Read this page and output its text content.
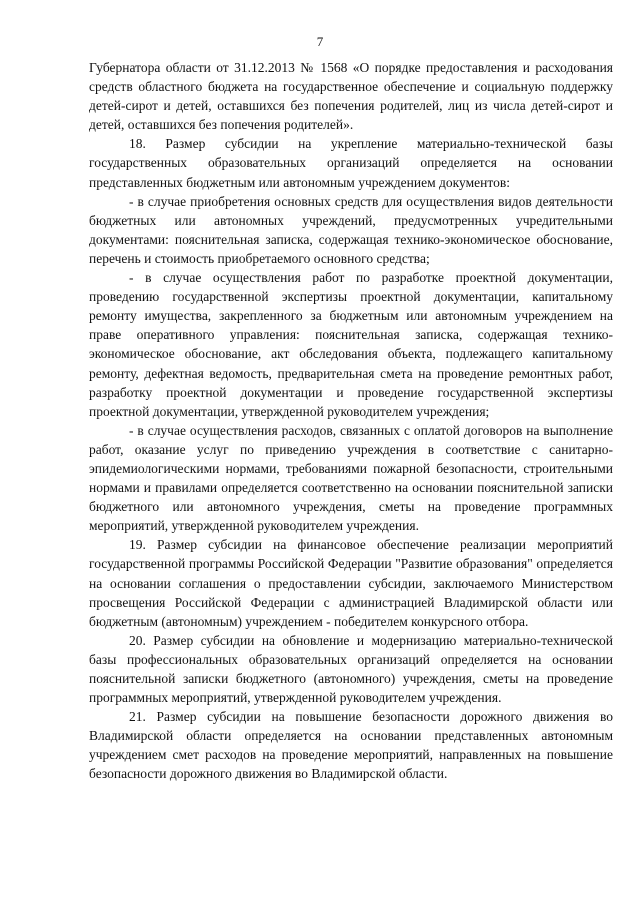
7

Губернатора области от 31.12.2013 № 1568 «О порядке предоставления и расходования средств областного бюджета на государственное обеспечение и социальную поддержку детей-сирот и детей, оставшихся без попечения родителей, лиц из числа детей-сирот и детей, оставшихся без попечения родителей».

18. Размер субсидии на укрепление материально-технической базы государственных образовательных организаций определяется на основании представленных бюджетным или автономным учреждением документов:

- в случае приобретения основных средств для осуществления видов деятельности бюджетных или автономных учреждений, предусмотренных учредительными документами: пояснительная записка, содержащая технико-экономическое обоснование, перечень и стоимость приобретаемого основного средства;

- в случае осуществления работ по разработке проектной документации, проведению государственной экспертизы проектной документации, капитальному ремонту имущества, закрепленного за бюджетным или автономным учреждением на праве оперативного управления: пояснительная записка, содержащая технико-экономическое обоснование, акт обследования объекта, подлежащего капитальному ремонту, дефектная ведомость, предварительная смета на проведение ремонтных работ, разработку проектной документации и проведение государственной экспертизы проектной документации, утвержденной руководителем учреждения;

- в случае осуществления расходов, связанных с оплатой договоров на выполнение работ, оказание услуг по приведению учреждения в соответствие с санитарно-эпидемиологическими нормами, требованиями пожарной безопасности, строительными нормами и правилами определяется соответственно на основании пояснительной записки бюджетного или автономного учреждения, сметы на проведение программных мероприятий, утвержденной руководителем учреждения.

19. Размер субсидии на финансовое обеспечение реализации мероприятий государственной программы Российской Федерации "Развитие образования" определяется на основании соглашения о предоставлении субсидии, заключаемого Министерством просвещения Российской Федерации с администрацией Владимирской области или бюджетным (автономным) учреждением - победителем конкурсного отбора.

20. Размер субсидии на обновление и модернизацию материально-технической базы профессиональных образовательных организаций определяется на основании пояснительной записки бюджетного (автономного) учреждения, сметы на проведение программных мероприятий, утвержденной руководителем учреждения.

21. Размер субсидии на повышение безопасности дорожного движения во Владимирской области определяется на основании представленных автономным учреждением смет расходов на проведение мероприятий, направленных на повышение безопасности дорожного движения во Владимирской области.
